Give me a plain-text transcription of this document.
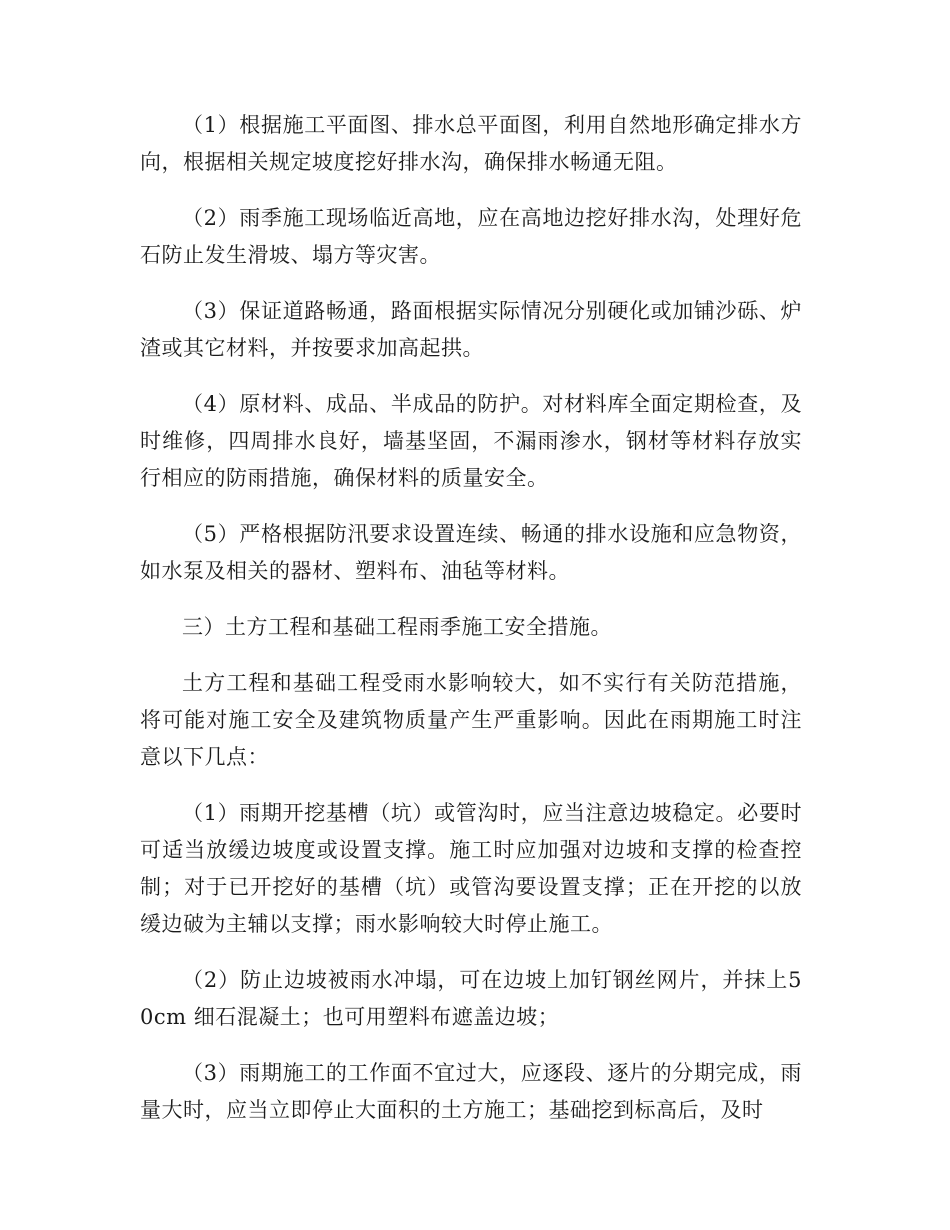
（1）根据施工平面图、排水总平面图，利用自然地形确定排水方向，根据相关规定坡度挖好排水沟，确保排水畅通无阻。

（2）雨季施工现场临近高地，应在高地边挖好排水沟，处理好危石防止发生滑坡、塌方等灾害。

（3）保证道路畅通，路面根据实际情况分别硬化或加铺沙砾、炉渣或其它材料，并按要求加高起拱。

（4）原材料、成品、半成品的防护。对材料库全面定期检查，及时维修，四周排水良好，墙基坚固，不漏雨渗水，钢材等材料存放实行相应的防雨措施，确保材料的质量安全。

（5）严格根据防汛要求设置连续、畅通的排水设施和应急物资，如水泵及相关的器材、塑料布、油毡等材料。

三）土方工程和基础工程雨季施工安全措施。

土方工程和基础工程受雨水影响较大，如不实行有关防范措施，将可能对施工安全及建筑物质量产生严重影响。因此在雨期施工时注意以下几点：

（1）雨期开挖基槽（坑）或管沟时，应当注意边坡稳定。必要时可适当放缓边坡度或设置支撑。施工时应加强对边坡和支撑的检查控制；对于已开挖好的基槽（坑）或管沟要设置支撑；正在开挖的以放缓边破为主辅以支撑；雨水影响较大时停止施工。

（2）防止边坡被雨水冲塌，可在边坡上加钉钢丝网片，并抹上50cm 细石混凝土；也可用塑料布遮盖边坡；

（3）雨期施工的工作面不宜过大，应逐段、逐片的分期完成，雨量大时，应当立即停止大面积的土方施工；基础挖到标高后，及时
